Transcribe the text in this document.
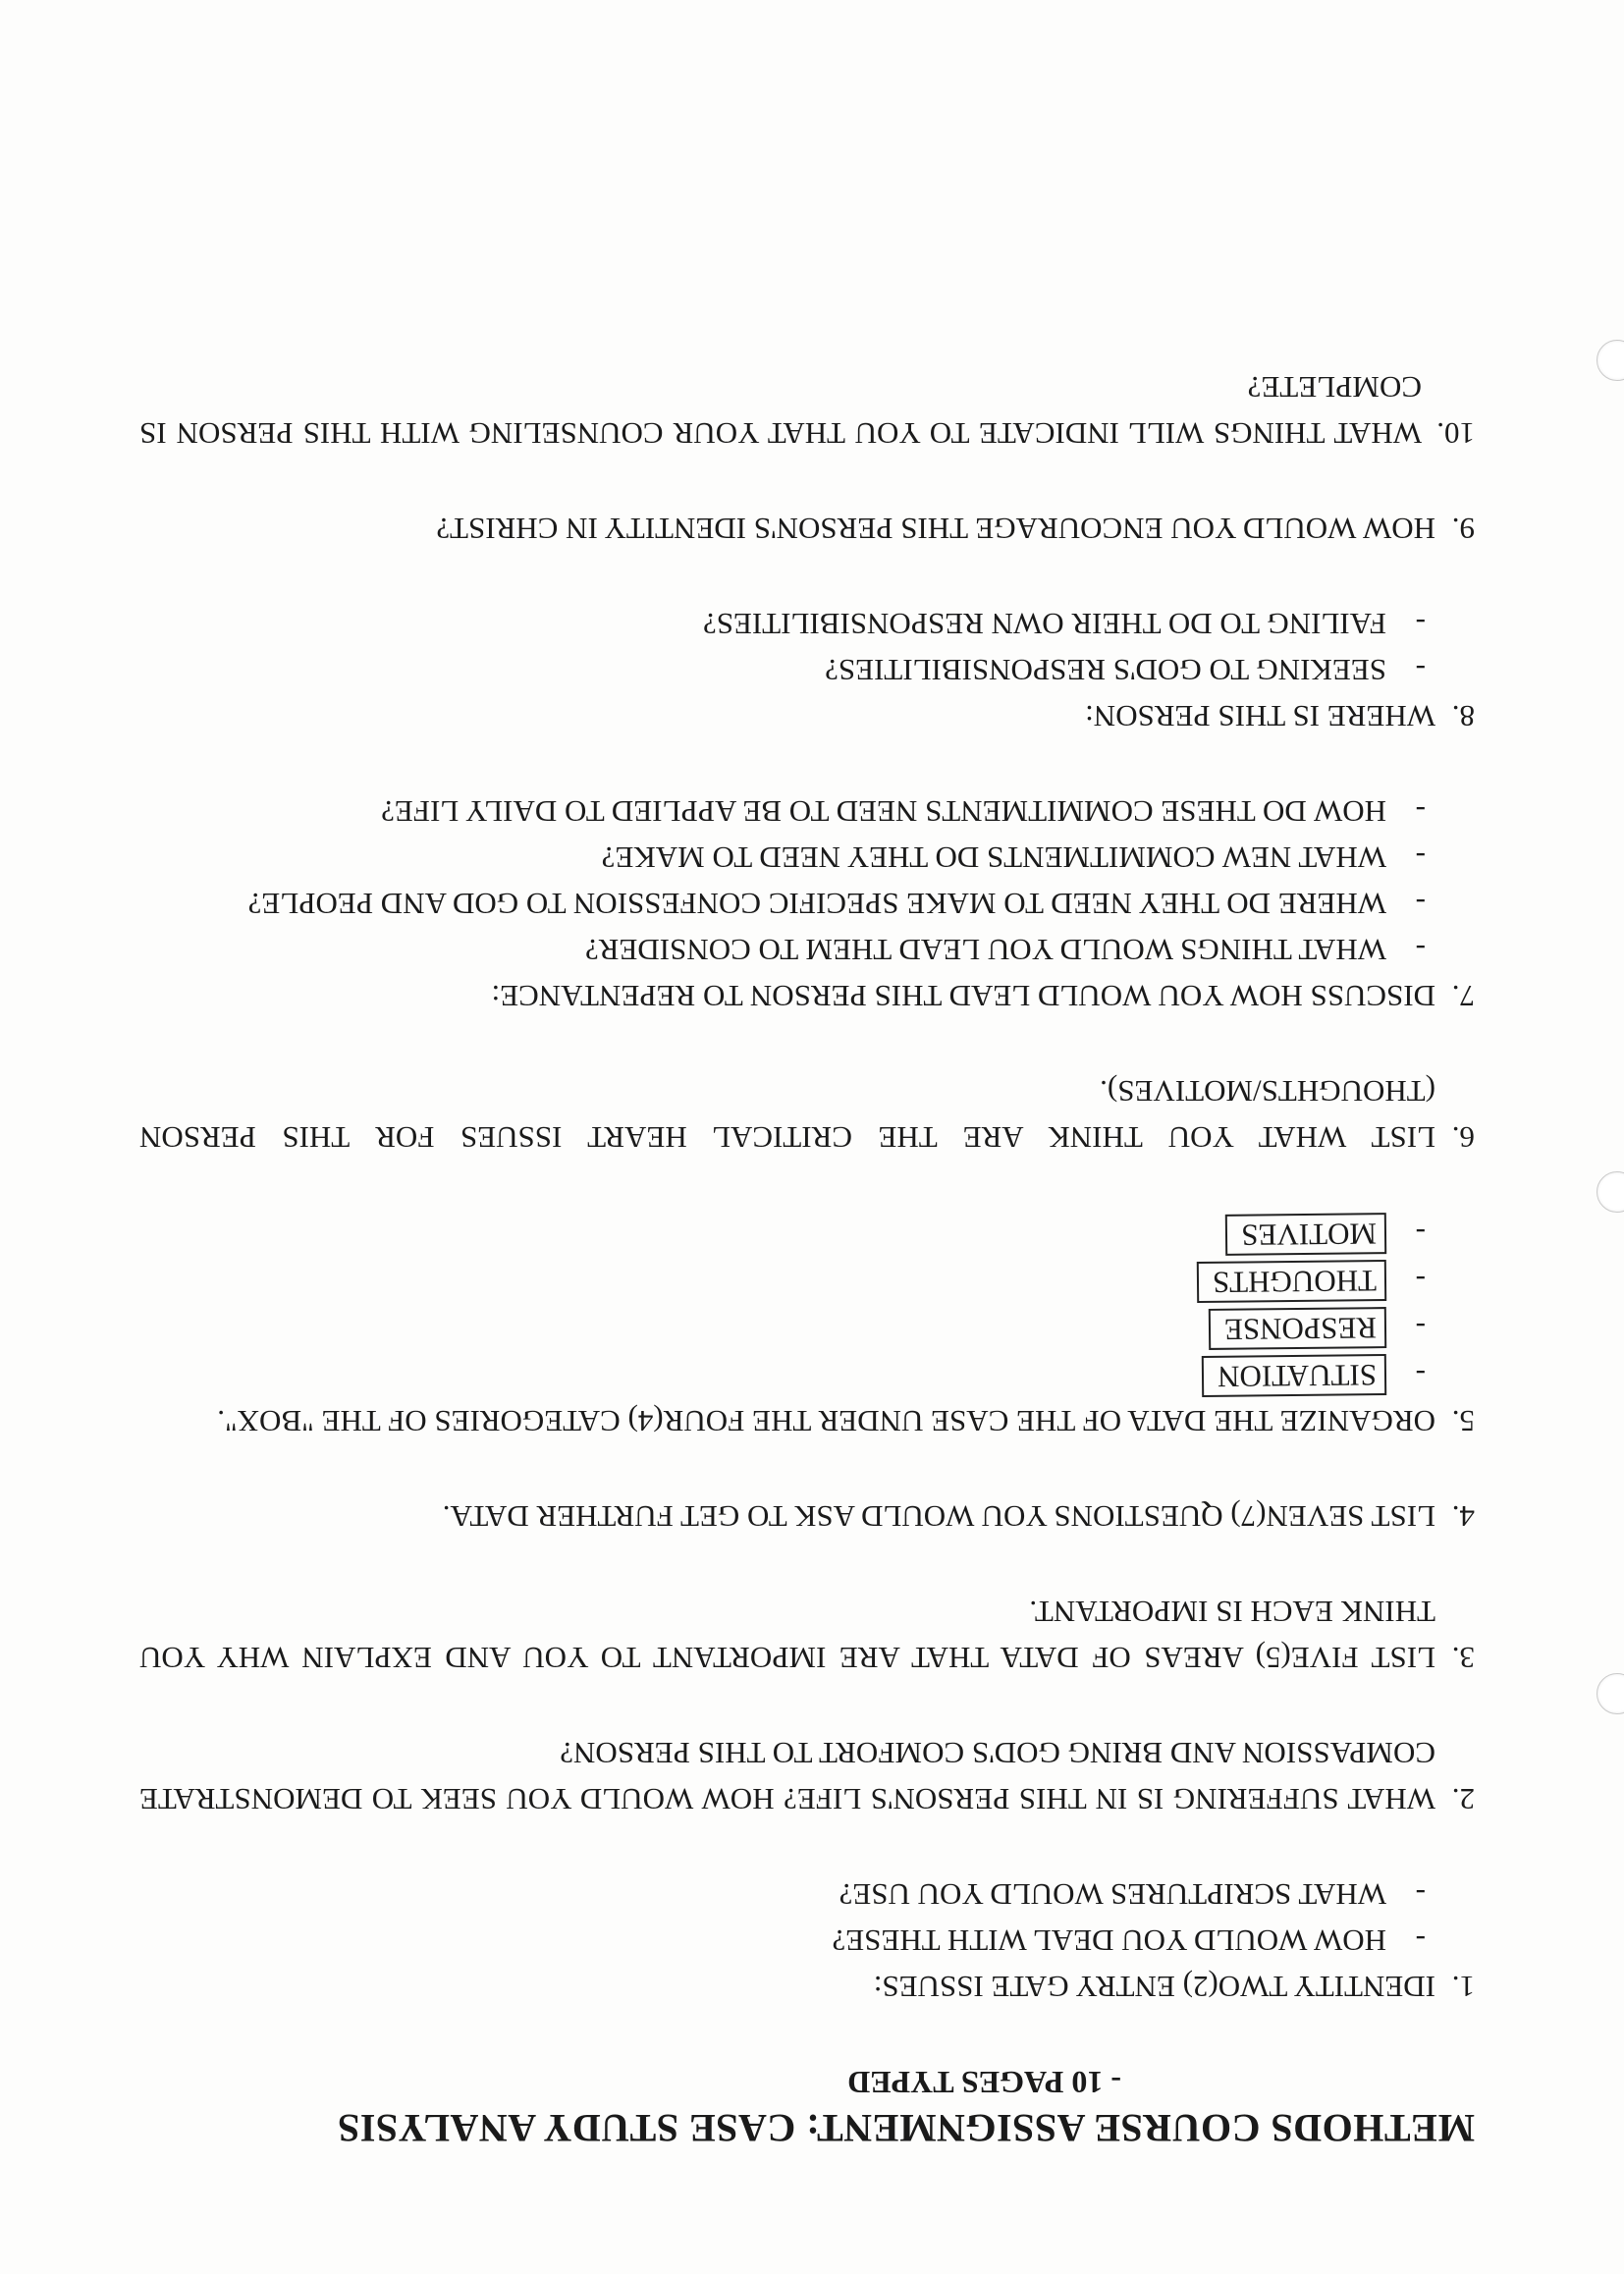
METHODS COURSE ASSIGNMENT: CASE STUDY ANALYSIS
- 10 PAGES TYPED
1.
IDENTITY TWO(2) ENTRY GATE ISSUES:
-
HOW WOULD YOU DEAL WITH THESE?
-
WHAT SCRIPTURES WOULD YOU USE?
2.
WHAT SUFFERING IS IN THIS PERSON'S LIFE? HOW WOULD YOU SEEK TO DEMONSTRATE COMPASSION AND BRING GOD'S COMFORT TO THIS PERSON?
3.
LIST FIVE(5) AREAS OF DATA THAT ARE IMPORTANT TO YOU AND EXPLAIN WHY YOU THINK EACH IS IMPORTANT.
4.
LIST SEVEN(7) QUESTIONS YOU WOULD ASK TO GET FURTHER DATA.
5.
ORGANIZE THE DATA OF THE CASE UNDER THE FOUR(4) CATEGORIES OF THE "BOX".
-
SITUATION
-
RESPONSE
-
THOUGHTS
-
MOTIVES
6.
LIST WHAT YOU THINK ARE THE CRITICAL HEART ISSUES FOR THIS PERSON (THOUGHTS/MOTIVES).
7.
DISCUSS HOW YOU WOULD LEAD THIS PERSON TO REPENTANCE:
-
WHAT THINGS WOULD YOU LEAD THEM TO CONSIDER?
-
WHERE DO THEY NEED TO MAKE SPECIFIC CONFESSION TO GOD AND PEOPLE?
-
WHAT NEW COMMITMENTS DO THEY NEED TO MAKE?
-
HOW DO THESE COMMITMENTS NEED TO BE APPLIED TO DAILY LIFE?
8.
WHERE IS THIS PERSON:
-
SEEKING TO GOD'S RESPONSIBILITIES?
-
FAILING TO DO THEIR OWN RESPONSIBILITIES?
9.
HOW WOULD YOU ENCOURAGE THIS PERSON'S IDENTITY IN CHRIST?
10.
WHAT THINGS WILL INDICATE TO YOU THAT YOUR COUNSELING WITH THIS PERSON IS COMPLETE?
